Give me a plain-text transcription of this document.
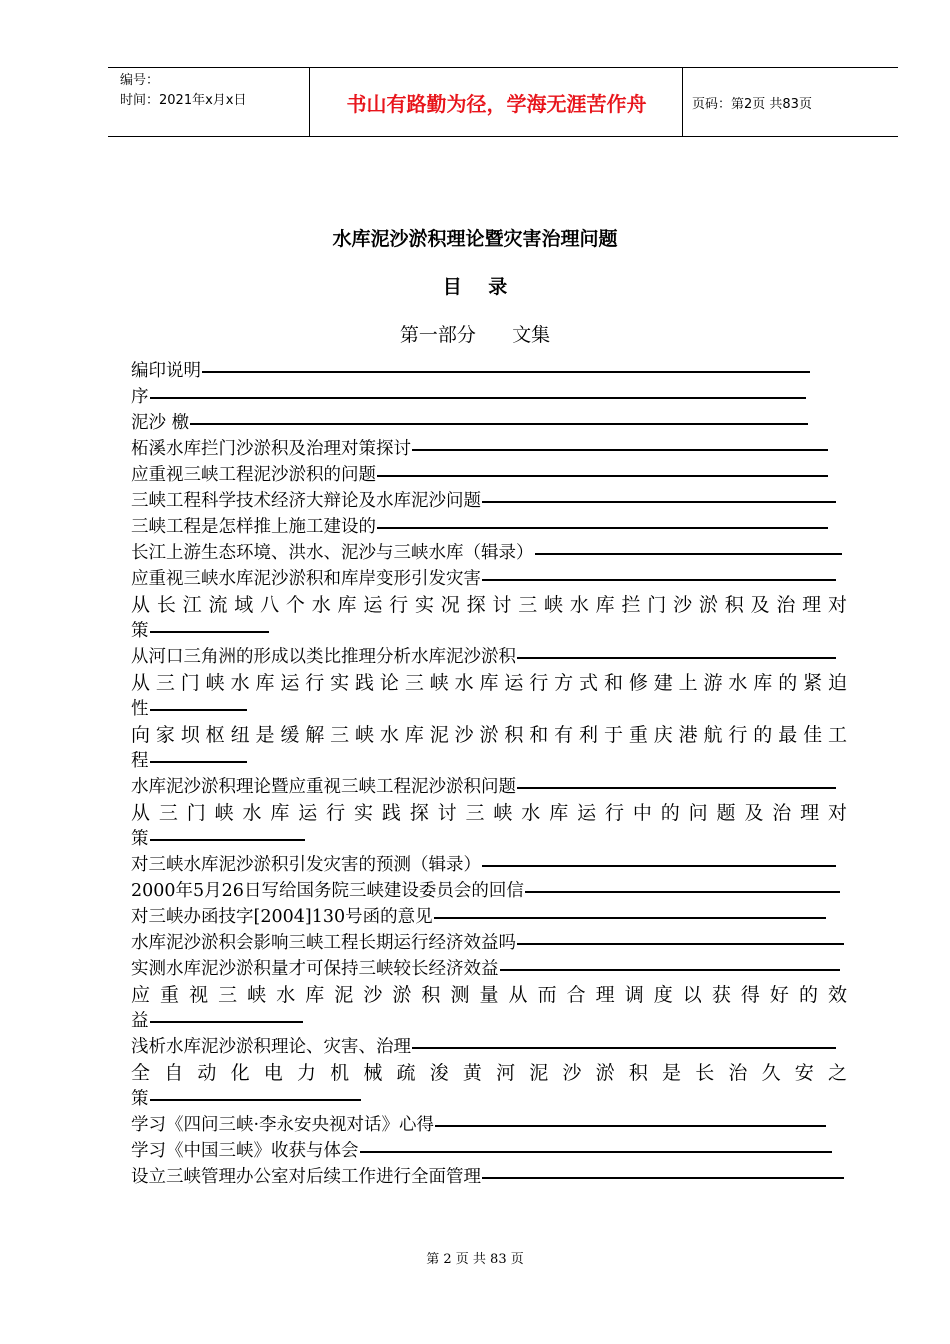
编号：
时间：2021年x月x日	书山有路勤为径，学海无涯苦作舟	页码：第2页 共83页
水库泥沙淤积理论暨灾害治理问题
目    录
第一部分      文集
编印说明
序
泥沙 檄
柘溪水库拦门沙淤积及治理对策探讨
应重视三峡工程泥沙淤积的问题
三峡工程科学技术经济大辩论及水库泥沙问题
三峡工程是怎样推上施工建设的
长江上游生态环境、洪水、泥沙与三峡水库（辑录）
应重视三峡水库泥沙淤积和库岸变形引发灾害
从长江流域八个水库运行实况探讨三峡水库拦门沙淤积及治理对
策
从河口三角洲的形成以类比推理分析水库泥沙淤积
从三门峡水库运行实践论三峡水库运行方式和修建上游水库的紧迫
性
向家坝枢纽是缓解三峡水库泥沙淤积和有利于重庆港航行的最佳工
程
水库泥沙淤积理论暨应重视三峡工程泥沙淤积问题
从三门峡水库运行实践探讨三峡水库运行中的问题及治理对
策
对三峡水库泥沙淤积引发灾害的预测（辑录）
2000年5月26日写给国务院三峡建设委员会的回信
对三峡办函技字[2004]130号函的意见
水库泥沙淤积会影响三峡工程长期运行经济效益吗
实测水库泥沙淤积量才可保持三峡较长经济效益
应重视三峡水库泥沙淤积测量从而合理调度以获得好的效
益
浅析水库泥沙淤积理论、灾害、治理
全自动化电力机械疏浚黄河泥沙淤积是长治久安之
策
学习《四问三峡·李永安央视对话》心得
学习《中国三峡》收获与体会
设立三峡管理办公室对后续工作进行全面管理
第 2 页 共 83 页
